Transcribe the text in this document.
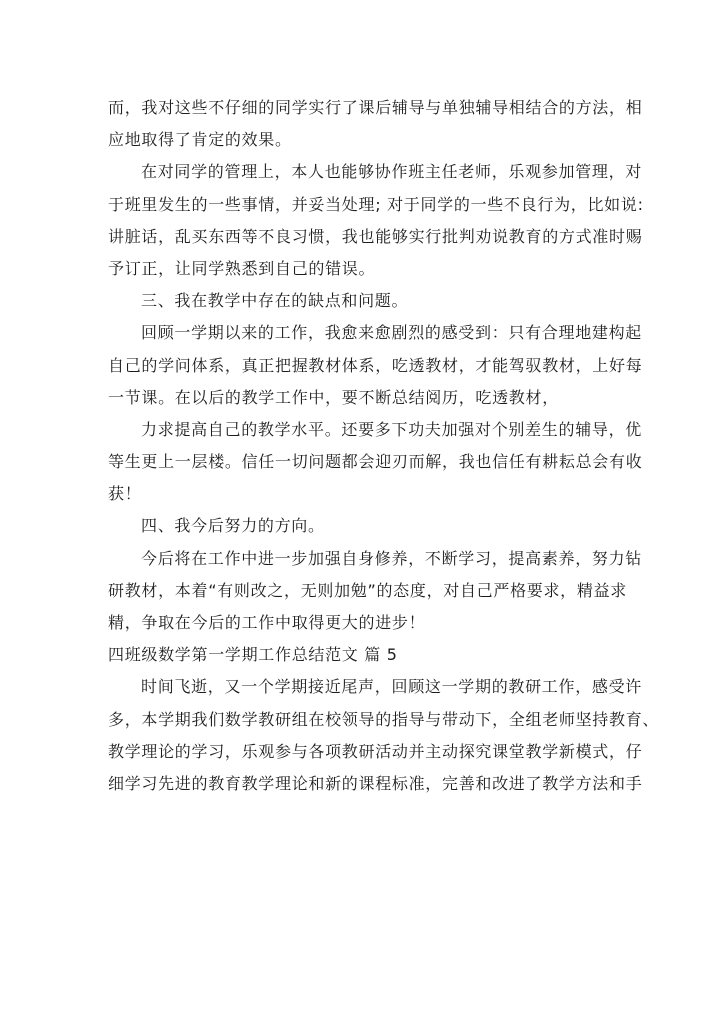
而，我对这些不仔细的同学实行了课后辅导与单独辅导相结合的方法，相
应地取得了肯定的效果。
在对同学的管理上，本人也能够协作班主任老师，乐观参加管理，对
于班里发生的一些事情，并妥当处理; 对于同学的一些不良行为，比如说:
讲脏话，乱买东西等不良习惯，我也能够实行批判劝说教育的方式准时赐
予订正，让同学熟悉到自己的错误。
三、我在教学中存在的缺点和问题。
回顾一学期以来的工作，我愈来愈剧烈的感受到：只有合理地建构起
自己的学问体系，真正把握教材体系，吃透教材，才能驾驭教材，上好每
一节课。在以后的教学工作中，要不断总结阅历，吃透教材，
力求提高自己的教学水平。还要多下功夫加强对个别差生的辅导，优
等生更上一层楼。信任一切问题都会迎刃而解，我也信任有耕耘总会有收
获！
四、我今后努力的方向。
今后将在工作中进一步加强自身修养，不断学习，提高素养，努力钻
研教材，本着“有则改之，无则加勉”的态度，对自己严格要求，精益求
精，争取在今后的工作中取得更大的进步！
四班级数学第一学期工作总结范文 篇 5
时间飞逝，又一个学期接近尾声，回顾这一学期的教研工作，感受许
多，本学期我们数学教研组在校领导的指导与带动下，全组老师坚持教育、
教学理论的学习，乐观参与各项教研活动并主动探究课堂教学新模式，仔
细学习先进的教育教学理论和新的课程标准，完善和改进了教学方法和手
